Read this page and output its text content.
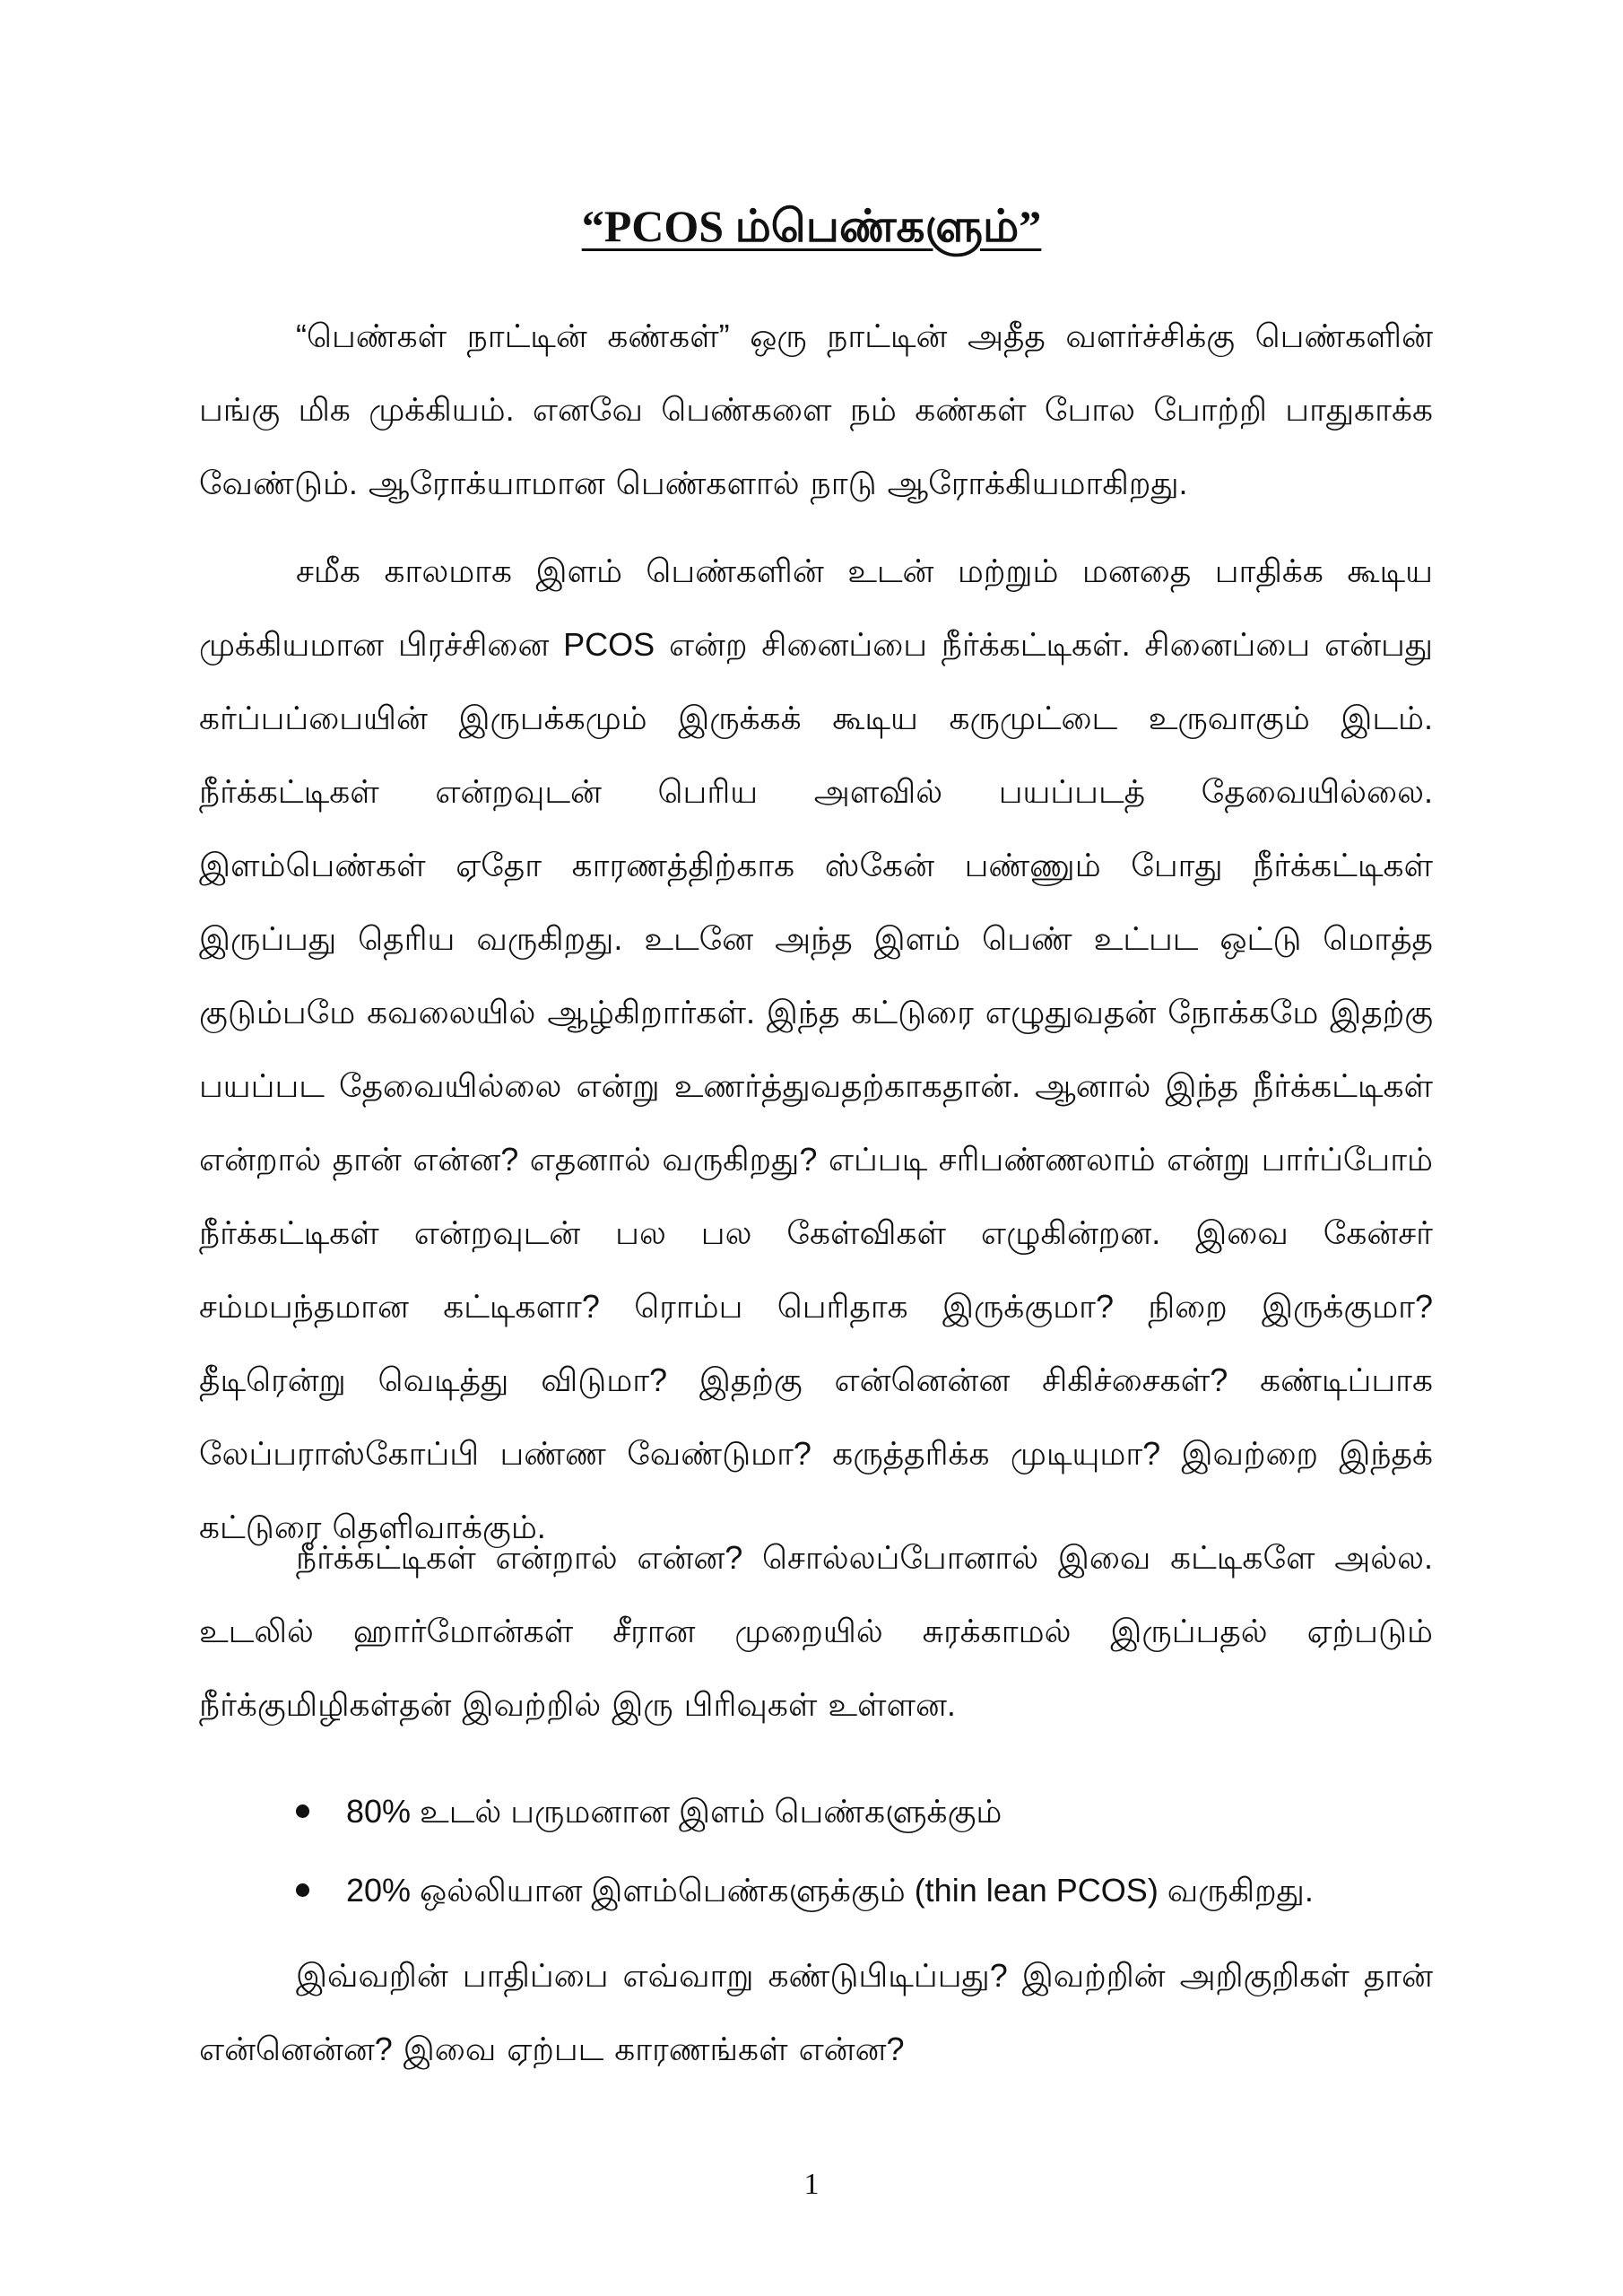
“PCOS ம்பெண்களும்”

“பெண்கள் நாட்டின் கண்கள்” ஒரு நாட்டின் அதீத வளர்ச்சிக்கு பெண்களின் பங்கு மிக முக்கியம். எனவே பெண்களை நம் கண்கள் போல போற்றி பாதுகாக்க வேண்டும். ஆரோக்யாமான பெண்களால் நாடு ஆரோக்கியமாகிறது.

சமீக காலமாக இளம் பெண்களின் உடன் மற்றும் மனதை பாதிக்க கூடிய முக்கியமான பிரச்சினை PCOS என்ற சினைப்பை நீர்க்கட்டிகள். சினைப்பை என்பது கர்ப்பப்பையின் இருபக்கமும் இருக்கக் கூடிய கருமுட்டை உருவாகும் இடம். நீர்க்கட்டிகள் என்றவுடன் பெரிய அளவில் பயப்படத் தேவையில்லை. இளம்பெண்கள் ஏதோ காரணத்திற்காக ஸ்கேன் பண்ணும் போது நீர்க்கட்டிகள் இருப்பது தெரிய வருகிறது. உடனே அந்த இளம் பெண் உட்பட ஒட்டு மொத்த குடும்பமே கவலையில் ஆழ்கிறார்கள். இந்த கட்டுரை எழுதுவதன் நோக்கமே இதற்கு பயப்பட தேவையில்லை என்று உணர்த்துவதற்காகதான். ஆனால் இந்த நீர்க்கட்டிகள் என்றால் தான் என்ன? எதனால் வருகிறது? எப்படி சரிபண்ணலாம் என்று பார்ப்போம் நீர்க்கட்டிகள் என்றவுடன் பல பல கேள்விகள் எழுகின்றன. இவை கேன்சர் சம்மபந்தமான கட்டிகளா? ரொம்ப பெரிதாக இருக்குமா? நிறை இருக்குமா? தீடிரென்று வெடித்து விடுமா? இதற்கு என்னென்ன சிகிச்சைகள்? கண்டிப்பாக லேப்பராஸ்கோப்பி பண்ண வேண்டுமா? கருத்தரிக்க முடியுமா? இவற்றை இந்தக் கட்டுரை தெளிவாக்கும்.

நீர்க்கட்டிகள் என்றால் என்ன? சொல்லப்போனால் இவை கட்டிகளே அல்ல. உடலில் ஹார்மோன்கள் சீரான முறையில் சுரக்காமல் இருப்பதல் ஏற்படும் நீர்க்குமிழிகள்தன் இவற்றில் இரு பிரிவுகள் உள்ளன.

80% உடல் பருமனான இளம் பெண்களுக்கும்
20% ஒல்லியான இளம்பெண்களுக்கும் (thin lean PCOS) வருகிறது.

இவ்வறின் பாதிப்பை எவ்வாறு கண்டுபிடிப்பது? இவற்றின் அறிகுறிகள் தான் என்னென்ன? இவை ஏற்பட காரணங்கள் என்ன?

1
